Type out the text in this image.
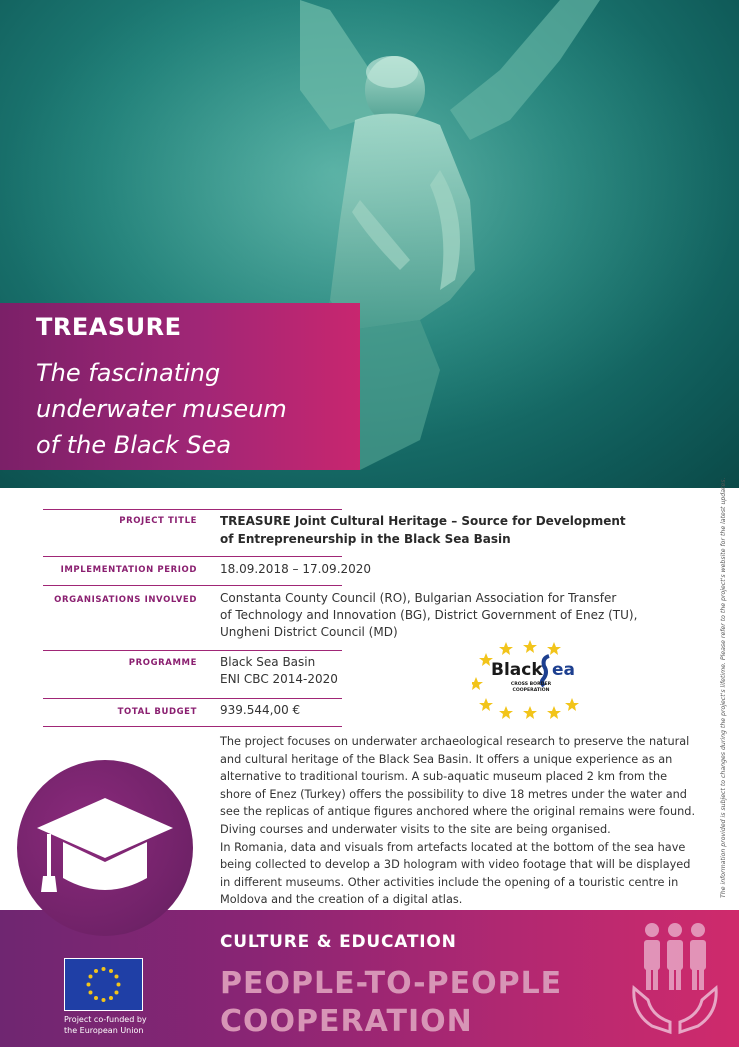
TREASURE
The fascinating
underwater museum
of the Black Sea
PROJECT TITLE TREASURE Joint Cultural Heritage – Source for Development
of Entrepreneurship in the Black Sea Basin
IMPLEMENTATION PERIOD 18.09.2018 – 17.09.2020
ORGANISATIONS INVOLVED Constanta County Council (RO), Bulgarian Association for Transfer
of Technology and Innovation (BG), District Government of Enez (TU),
Ungheni District Council (MD)
PROGRAMME Black Sea Basin
ENI CBC 2014-2020
TOTAL BUDGET 939.544,00 €
Black ea
CROSS BORDER
COOPERATION
The project focuses on underwater archaeological research to preserve the natural
and cultural heritage of the Black Sea Basin. It offers a unique experience as an
alternative to traditional tourism. A sub-aquatic museum placed 2 km from the
shore of Enez (Turkey) offers the possibility to dive 18 metres under the water and
see the replicas of antique figures anchored where the original remains were found.
Diving courses and underwater visits to the site are being organised.
In Romania, data and visuals from artefacts located at the bottom of the sea have
being collected to develop a 3D hologram with video footage that will be displayed
in different museums. Other activities include the opening of a touristic centre in
Moldova and the creation of a digital atlas.
The information provided is subject to changes during the project's lifetime. Please refer to the project's website for the latest updates.
CULTURE & EDUCATION
PEOPLE-TO-PEOPLE
COOPERATION
Project co-funded by
the European Union
